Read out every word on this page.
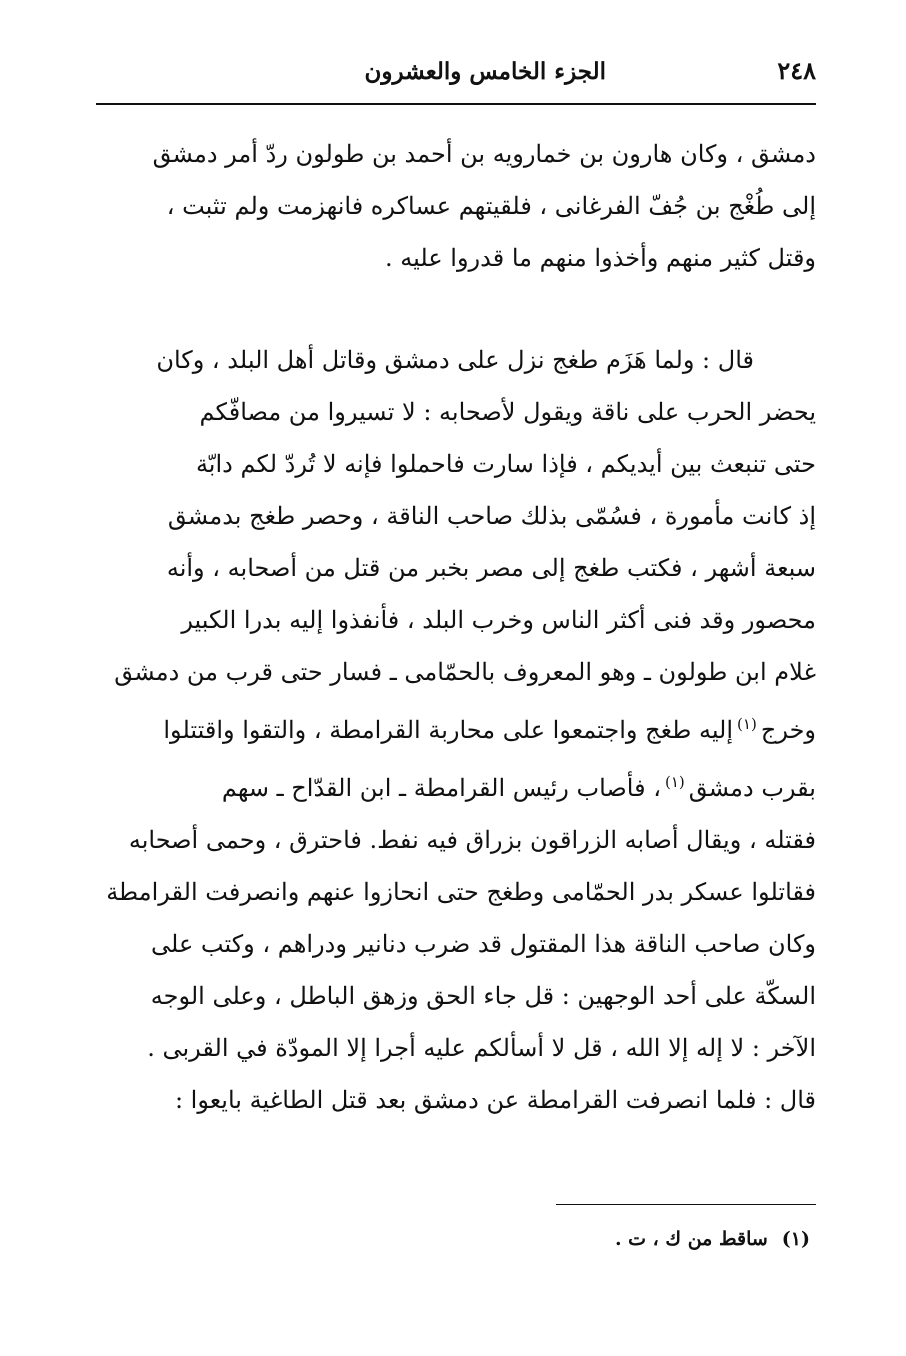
٢٤٨
الجزء الخامس والعشرون
دمشق ، وكان هارون بن خمارويه بن أحمد بن طولون ردّ أمر دمشق
إلى طُغْج بن جُفّ الفرغانى ، فلقيتهم عساكره فانهزمت ولم تثبت ،
وقتل كثير منهم وأخذوا منهم ما قدروا عليه .
قال : ولما هَزَم طغج نزل على دمشق وقاتل أهل البلد ، وكان
يحضر الحرب على ناقة ويقول لأصحابه : لا تسيروا من مصافّكم
حتى تنبعث بين أيديكم ، فإذا سارت فاحملوا فإنه لا تُردّ لكم دابّة
إذ كانت مأمورة ، فسُمّى بذلك صاحب الناقة ، وحصر طغج بدمشق
سبعة أشهر ، فكتب طغج إلى مصر بخبر من قتل من أصحابه ، وأنه
محصور وقد فنى أكثر الناس وخرب البلد ، فأنفذوا إليه بدرا الكبير
غلام ابن طولون ـ وهو المعروف بالحمّامى ـ فسار حتى قرب من دمشق
وخرج$^{(١)}$إليه طغج واجتمعوا على محاربة القرامطة ، والتقوا واقتتلوا
بقرب دمشق$^{(١)}$، فأصاب رئيس القرامطة ـ ابن القدّاح ـ سهم
فقتله ، ويقال أصابه الزراقون بزراق فيه نفط. فاحترق ، وحمى أصحابه
فقاتلوا عسكر بدر الحمّامى وطغج حتى انحازوا عنهم وانصرفت القرامطة
وكان صاحب الناقة هذا المقتول قد ضرب دنانير ودراهم ، وكتب على
السكّة على أحد الوجهين : قل جاء الحق وزهق الباطل ، وعلى الوجه
الآخر : لا إله إلا الله ، قل لا أسألكم عليه أجرا إلا المودّة في القربى .
قال : فلما انصرفت القرامطة عن دمشق بعد قتل الطاغية بايعوا :
(١)ساقط من ك ، ت .
